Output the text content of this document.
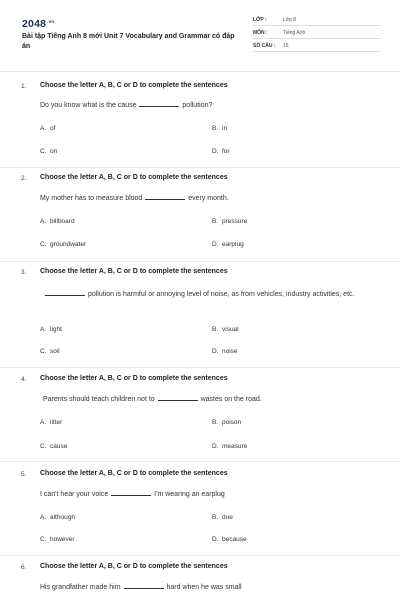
$2048^{.vn}$
Bài tập Tiếng Anh 8 mới Unit 7 Vocabulary and Grammar có đáp án
LỚP :	Lớp 8
MÔN :	Tiếng Anh
SỐ CÂU : 15
1. Choose the letter A, B, C or D to complete the sentences
Do you know what is the cause	pollution?
A. of	B. in
C. on	D. for
2. Choose the letter A, B, C or D to complete the sentences
My mother has to measure blood	every month.
A. billboard	B. pressure
C. groundwater	D. earplug
3. Choose the letter A, B, C or D to complete the sentences
pollution is harmful or annoying level of noise, as from vehicles, industry activities, etc.
A. light	B. visual
C. soil	D. noise
4. Choose the letter A, B, C or D to complete the sentences
Parents should teach children not to	wastes on the road.
A. litter	B. poison
C. cause	D. measure
5. Choose the letter A, B, C or D to complete the sentences
I can't hear your voice	I'm wearing an earplug
A. although	B. due
C. however	D. because
6. Choose the letter A, B, C or D to complete the sentences
His grandfather made him	hard when he was small
